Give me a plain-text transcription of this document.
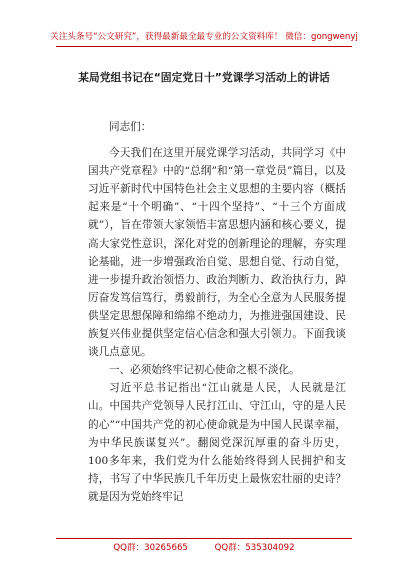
关注头条号“公文研究”，获得最新最全最专业的公文资料库！ 微信：gongwenyj
某局党组书记在“固定党日十”党课学习活动上的讲话

同志们：

今天我们在这里开展党课学习活动，共同学习《中国共产党章程》中的“总纲”和“第一章党员”篇目，以及习近平新时代中国特色社会主义思想的主要内容（概括起来是“十个明确”、“十四个坚持”、“十三个方面成就”），旨在带领大家领悟丰富思想内涵和核心要义，提高大家党性意识，深化对党的创新理论的理解，夯实理论基础，进一步增强政治自觉、思想自觉、行动自觉，进一步提升政治领悟力、政治判断力、政治执行力，踔厉奋发笃信笃行，勇毅前行，为全心全意为人民服务提供坚定思想保障和绵绵不绝动力，为推进强国建设、民族复兴伟业提供坚定信心信念和强大引领力。下面我谈谈几点意见。

一、必须始终牢记初心使命之根不淡化。

习近平总书记指出“江山就是人民，人民就是江山。中国共产党领导人民打江山、守江山，守的是人民的心”“中国共产党的初心使命就是为中国人民谋幸福，为中华民族谋复兴”。翻阅党深沉厚重的奋斗历史，100多年来，我们党为什么能始终得到人民拥护和支持，书写了中华民族几千年历史上最恢宏壮丽的史诗？就是因为党始终牢记

QQ群：30265665	QQ群：535304092
